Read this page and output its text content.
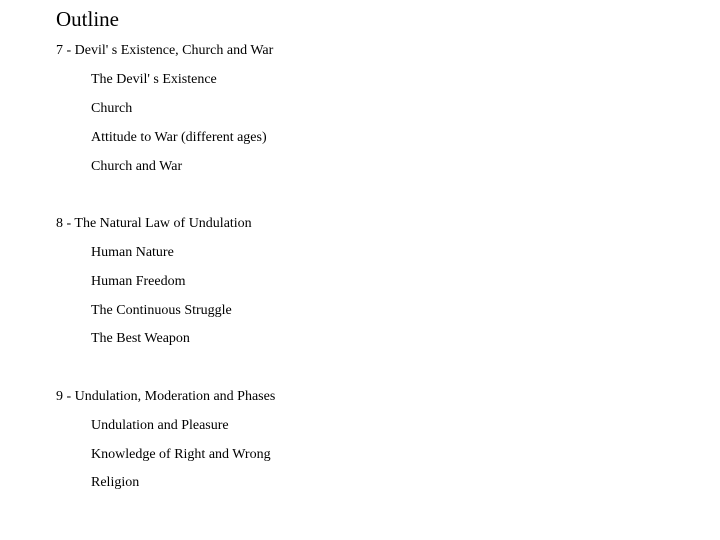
Outline
7 - Devil' s Existence, Church and War
The Devil' s Existence
Church
Attitude to War (different ages)
Church and War
8 - The Natural Law of Undulation
Human Nature
Human Freedom
The Continuous Struggle
The Best Weapon
9 - Undulation, Moderation and Phases
Undulation and Pleasure
Knowledge of Right and Wrong
Religion
